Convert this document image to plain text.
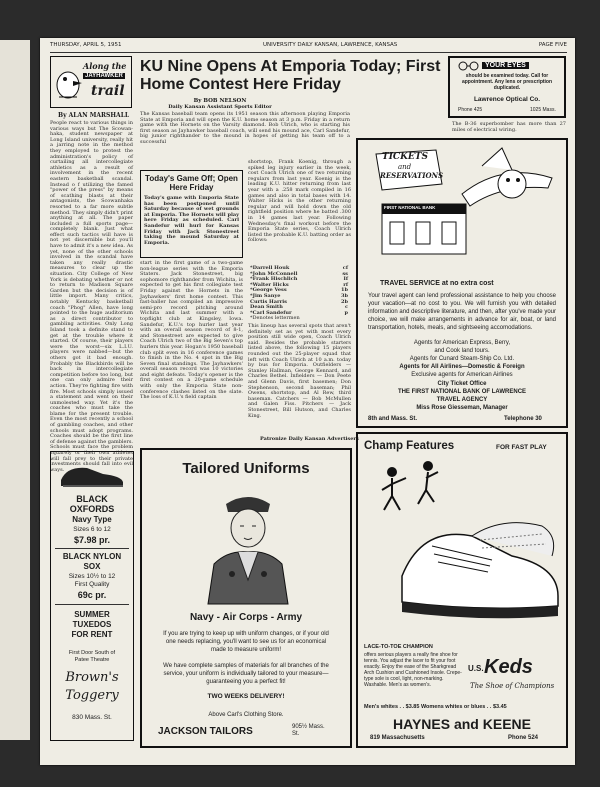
THURSDAY, APRIL 5, 1951	UNIVERSITY DAILY KANSAN, LAWRENCE, KANSAS	PAGE FIVE
Along the
JAYHAWKER
trail
By ALAN MARSHALL
People react to various things in various ways but The Scowan-haka, student newspaper at Long Island university, really hit a jarring note in the method they employed to protest the administration's policy of curtailing all intercollegiate athletics as a result of involvement in the recent eastern basketball scandal. Instead o f utilizing the famed "power of the press" by means of scathing blasts at their antagonists, the Scowanhaka resorted to a far more subtle method. They simply didn't print anything at all. The paper included a full sports page—completely blank. Just what effect such tactics will have is not yet discernible but you'll have to admit it's a new idea. As yet, none of the other schools involved in the scandal have taken any really drastic measures to clear up the situation. City College of New York is debating whether or not to return to Madison Square Garden but the decision is of little import. Many critics, notably Kentucky basketball coach "Phog" Allen, have long pointed to the huge auditorium as a direct contributor to gambling activities. Only Long Island took a definite stand to get at the trouble where it started. Of course, their players were the worst—six L.I.U. players were nabbed—but the others got it bad enough. Probably the Blackbirds will be back in intercollegiate competition before too long, but one can only admire their action. They're fighting fire with fire. Most schools simply issued a statement and went on their unmolested way. Yet it's the coaches who must take the blame for the present trouble. Even the most recently a school of gambling coaches, and other schools must adopt programs. Coaches should be the first line of defense against the gamblers. Schools must face the problem squarely or their own athletes will fall prey to their private investments should fall into evil ways.
BLACK
OXFORDS
Navy Type
Sizes 6 to 12
$7.98 pr.
BLACK NYLON
SOX
Sizes 10½ to 12
First Quality
69c pr.
SUMMER
TUXEDOS
FOR RENT
First Door South of Patee Theatre
Brown's
Toggery
830 Mass. St.
KU Nine Opens At Emporia Today; First Home Contest Here Friday
By BOB NELSON
Daily Kansan Assistant Sports Editor
The Kansas baseball team opens its 1951 season this afternoon playing Emporia State at Emporia and will open the K.U. home season at 3 p.m. Friday in a return game with the Hornets on the Varsity diamond. Bob Ulrich, who is starting his first season as Jayhawker baseball coach, will send his mound ace, Carl Sandefur, big junior righthander to the mound in hopes of getting his team off to a successful
Today's Game Off; Open Here Friday
Today's game with Emporia State has been postponed until Saturday because of wet grounds at Emporia. The Hornets will play here Friday as scheduled. Carl Sandefur will hurl for Kansas Friday with Jack Stonestreet taking the mound Saturday at Emporia.
start in the first game of a two-game non-league series with the Emporia Staters. Jack Stonestreet, big sophomore righthander from Wichita, is expected to get his first collegiate test Friday against the Hornets in the Jayhawkers' first home contest. This fast-baller has compiled an impressive semi-pro record pitching around Wichita and last summer with a topflight club at Kingsley, Iowa. Sandefur, K.U.'s top hurler last year with an overall season record of 8-1, and Stonestreet are expected to give Coach Ulrich two of the Big Seven's top hurlers this year. Hogan's 1950 baseball club split even in 16 conference games to finish in the No. 4 spot in the Big Seven final standings. The Jayhawkers' overall season record was 10 victories and eight defeats. Today's opener is the first contest on a 20-game schedule with only the Emporia State non-conference clashes listed on the slate. The loss of K.U.'s field captain
shortstop, Frank Koenig, through a spiked leg injury earlier in the week, cost Coach Ulrich one of two returning regulars from last year. Koenig is the leading K.U. hitter returning from last year with a .258 mark compiled in 16 games and also in total bases with 14. Walter Hicks is the other returning regular and will hold down the old rightfield position where he batted .300 in 14 games last year. Following Wednesday's final workout before the Emporia State series, Coach Ulrich listed the probable K.U. batting order as follows:
*Darrell Houk	cf
*John McConnell	ss
*Frank Hischlich	If
*Walter Hicks	rf
*George Vess	1b
*Jim Sanye	3b
Curtis Harris	2b
Dean Smith	c
*Carl Sandefur	p
*Denotes lettermen
This lineup has several spots that aren't definitely set as yet with most every position still wide open, Coach Ulrich said. Besides the probable starters listed above, the following 15 players rounded out the 25-player squad that left with Coach Ulrich at 10 a.m. today by bus for Emporia. Outfielders — Stanley Hallman, George Kennard, and Charles Bethel. Infielders — Don Peete and Glenn Davis, first basemen; Don Stephenson, second baseman; Phil Owens, shortstop, and Al Rew, third baseman. Catchers — Bob McMullen and Galen Fiss. Pitchers — Jack Stonestreet, Bill Hutson, and Charles King.
Patronize Daily Kansan Advertisers
Tailored Uniforms
Navy - Air Corps - Army
If you are trying to keep up with uniform changes, or if your old one needs replacing, you'll want to see us for an economical made to measure uniform!
We have complete samples of materials for all branches of the service, your uniform is individually tailored to your measure—guaranteeing you a perfect fit!
TWO WEEKS DELIVERY!
Above Carl's Clothing Store.
JACKSON TAILORS	905½ Mass. St.
YOUR EYES
should be examined today. Call for appointment. Any lens or prescription duplicated.
Lawrence Optical Co.
Phone 425	1025 Mass.
The B-36 superbomber has more than 27 miles of electrical wiring.
TICKETS
and
RESERVATIONS
FIRST NATIONAL BANK
TRAVEL SERVICE at no extra cost
Your travel agent can lend professional assistance to help you choose your vacation—at no cost to you. We will furnish you with detailed information and descriptive literature, and then, after you've made your choice, we will make arrangements in advance for air, boat, or land transportation, hotels, meals, and sightseeing accomodations.
Agents for American Express, Berry,
and Cook land tours.
Agents for Cunard Steam-Ship Co. Ltd.
Agents for All Airlines—Domestic & Foreign
Exclusive agents for American Airlines
City Ticket Office
THE FIRST NATIONAL BANK OF LAWRENCE
TRAVEL AGENCY
Miss Rose Giesseman, Manager
8th and Mass. St.	Telephone 30
Champ Features	FOR FAST PLAY
LACE-TO-TOE CHAMPION
offers serious players a really fine shoe for tennis. You adjust the lacer to fit your foot exactly. Enjoy the ease of the Sharkgread Arch Cushion and Cushioned Insole. Crepe-type sole is cool, light, non-marking. Washable. Men's as women's.
U.S. Keds
The Shoe of Champions
Men's whites . . $3.85 Womens whites or blues . . $3.45
HAYNES and KEENE
819 Massachusetts	Phone 524
